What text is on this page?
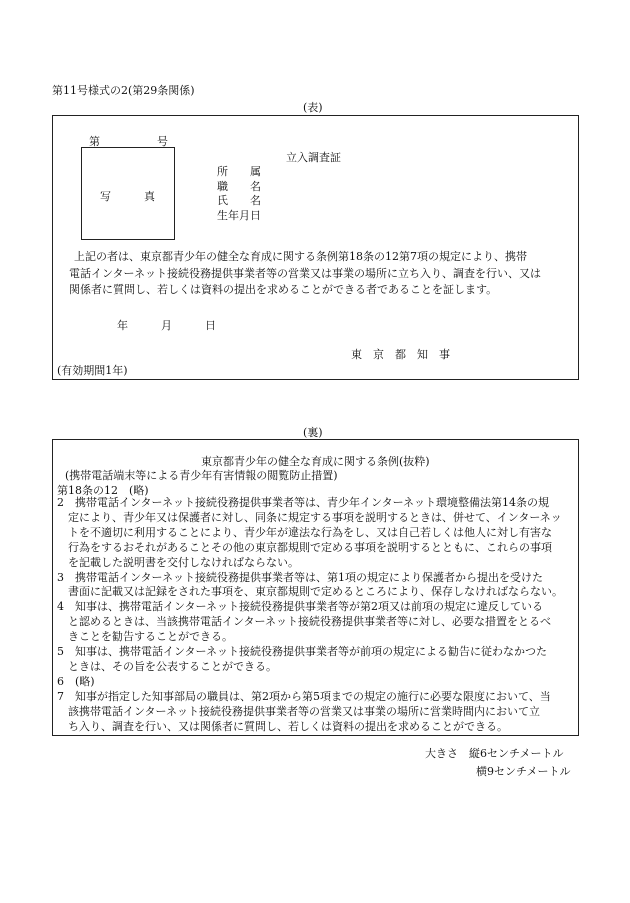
第11号様式の2(第29条関係)
(表)
第	号
写　　　真
立入調査証
所　　属
職　　名
氏　　名
生年月日
上記の者は、東京都青少年の健全な育成に関する条例第18条の12第7項の規定により、携帯
電話インターネット接続役務提供事業者等の営業又は事業の場所に立ち入り、調査を行い、又は
関係者に質問し、若しくは資料の提出を求めることができる者であることを証します。
年　　　月　　　日
東　京　都　知　事
(有効期間1年)
(裏)
東京都青少年の健全な育成に関する条例(抜粋)
(携帯電話端末等による青少年有害情報の閲覧防止措置)
第18条の12　(略)
2　携帯電話インターネット接続役務提供事業者等は、青少年インターネット環境整備法第14条の規
　定により、青少年又は保護者に対し、同条に規定する事項を説明するときは、併せて、インターネッ
　トを不適切に利用することにより、青少年が違法な行為をし、又は自己若しくは他人に対し有害な
　行為をするおそれがあることその他の東京都規則で定める事項を説明するとともに、これらの事項
　を記載した説明書を交付しなければならない。
3　携帯電話インターネット接続役務提供事業者等は、第1項の規定により保護者から提出を受けた
　書面に記載又は記録をされた事項を、東京都規則で定めるところにより、保存しなければならない。
4　知事は、携帯電話インターネット接続役務提供事業者等が第2項又は前項の規定に違反している
　と認めるときは、当該携帯電話インターネット接続役務提供事業者等に対し、必要な措置をとるべ
　きことを勧告することができる。
5　知事は、携帯電話インターネット接続役務提供事業者等が前項の規定による勧告に従わなかつた
　ときは、その旨を公表することができる。
6　(略)
7　知事が指定した知事部局の職員は、第2項から第5項までの規定の施行に必要な限度において、当
　該携帯電話インターネット接続役務提供事業者等の営業又は事業の場所に営業時間内において立
　ち入り、調査を行い、又は関係者に質問し、若しくは資料の提出を求めることができる。
大きさ　縦6センチメートル
横9センチメートル
